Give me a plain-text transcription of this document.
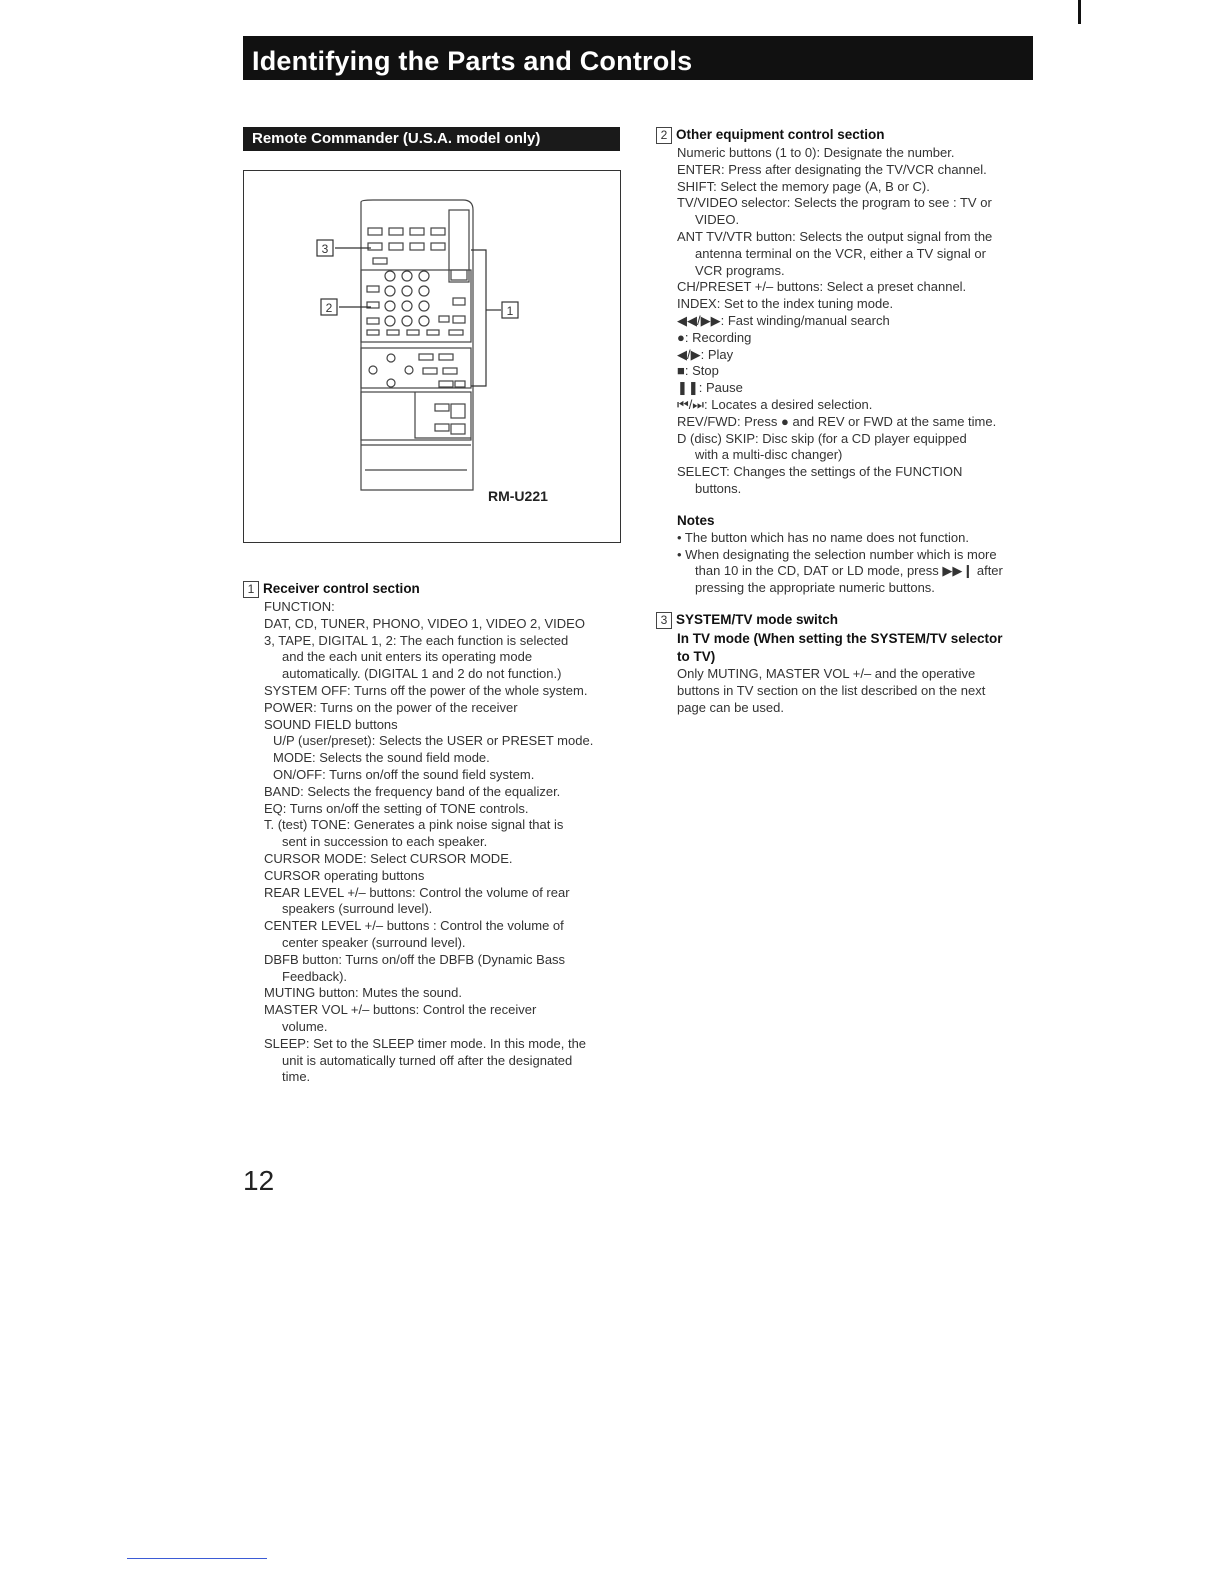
Identifying the Parts and Controls
Remote Commander (U.S.A. model only)
3
2	1
RM-U221
1 Receiver control section
FUNCTION:
DAT, CD, TUNER, PHONO, VIDEO 1, VIDEO 2, VIDEO
3, TAPE, DIGITAL 1, 2: The each function is selected
and the each unit enters its operating mode
automatically. (DIGITAL 1 and 2 do not function.)
SYSTEM OFF: Turns off the power of the whole system.
POWER: Turns on the power of the receiver
SOUND FIELD buttons
U/P (user/preset): Selects the USER or PRESET mode.
MODE: Selects the sound field mode.
ON/OFF: Turns on/off the sound field system.
BAND: Selects the frequency band of the equalizer.
EQ: Turns on/off the setting of TONE controls.
T. (test) TONE: Generates a pink noise signal that is
sent in succession to each speaker.
CURSOR MODE: Select CURSOR MODE.
CURSOR operating buttons
REAR LEVEL +/– buttons: Control the volume of rear
speakers (surround level).
CENTER LEVEL +/– buttons : Control the volume of
center speaker (surround level).
DBFB button: Turns on/off the DBFB (Dynamic Bass
Feedback).
MUTING button: Mutes the sound.
MASTER VOL +/– buttons: Control the receiver
volume.
SLEEP: Set to the SLEEP timer mode. In this mode, the
unit is automatically turned off after the designated
time.
2 Other equipment control section
Numeric buttons (1 to 0): Designate the number.
ENTER: Press after designating the TV/VCR channel.
SHIFT: Select the memory page (A, B or C).
TV/VIDEO selector: Selects the program to see : TV or
VIDEO.
ANT TV/VTR button: Selects the output signal from the
antenna terminal on the VCR, either a TV signal or
VCR programs.
CH/PRESET +/– buttons: Select a preset channel.
INDEX: Set to the index tuning mode.
◀◀/▶▶: Fast winding/manual search
●: Recording
◀/▶: Play
■: Stop
❚❚: Pause
⏮/⏭: Locates a desired selection.
REV/FWD: Press ● and REV or FWD at the same time.
D (disc) SKIP: Disc skip (for a CD player equipped
with a multi-disc changer)
SELECT: Changes the settings of the FUNCTION
buttons.
Notes
• The button which has no name does not function.
• When designating the selection number which is more
than 10 in the CD, DAT or LD mode, press ▶▶❙ after
pressing the appropriate numeric buttons.
3 SYSTEM/TV mode switch
In TV mode (When setting the SYSTEM/TV selector
to TV)
Only MUTING, MASTER VOL +/– and the operative
buttons in TV section on the list described on the next
page can be used.
12
